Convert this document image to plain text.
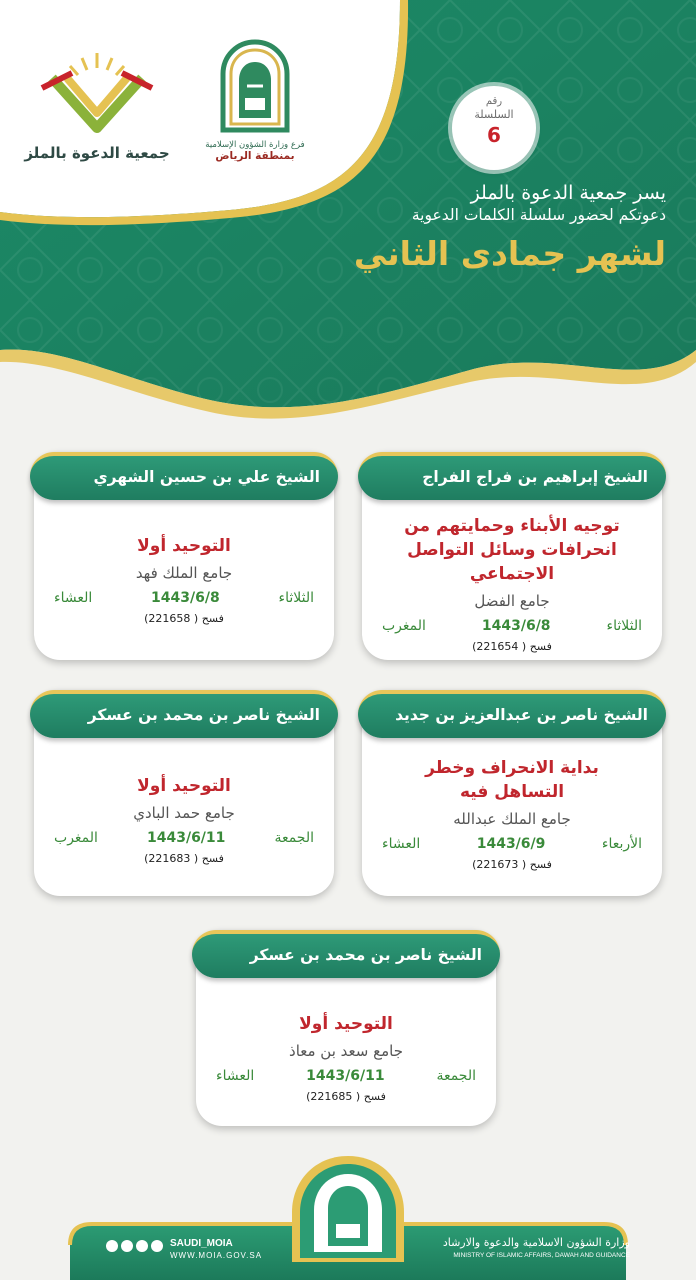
جمعية الدعوة بالملز	فرع وزارة الشؤون الإسلامية
بمنطقة الرياض
رقم
السلسلة
6
يسر جمعية الدعوة بالملز
دعوتكم لحضور سلسلة الكلمات الدعوية
لشهر جمادى الثاني
الشيخ إبراهيم بن فراج الفراج
توجيه الأبناء وحمايتهم من انحرافات وسائل التواصل الاجتماعي
جامع الفضل
الثلاثاء
1443/6/8
المغرب
فسح ( 221654)
الشيخ علي بن حسين الشهري
التوحيد أولا
جامع الملك فهد
الثلاثاء
1443/6/8
العشاء
فسح ( 221658)
الشيخ ناصر بن عبدالعزيز بن جديد
بداية الانحراف وخطر التساهل فيه
جامع الملك عبدالله
الأربعاء
1443/6/9
العشاء
فسح ( 221673)
الشيخ ناصر بن محمد بن عسكر
التوحيد أولا
جامع حمد البادي
الجمعة
1443/6/11
المغرب
فسح ( 221683)
الشيخ ناصر بن محمد بن عسكر
التوحيد أولا
جامع سعد بن معاذ
الجمعة
1443/6/11
العشاء
فسح ( 221685)
SAUDI_MOIA
WWW.MOIA.GOV.SA
وزارة الشؤون الاسلامية والدعوة والارشاد
MINISTRY OF ISLAMIC AFFAIRS, DAWAH AND GUIDANCE
